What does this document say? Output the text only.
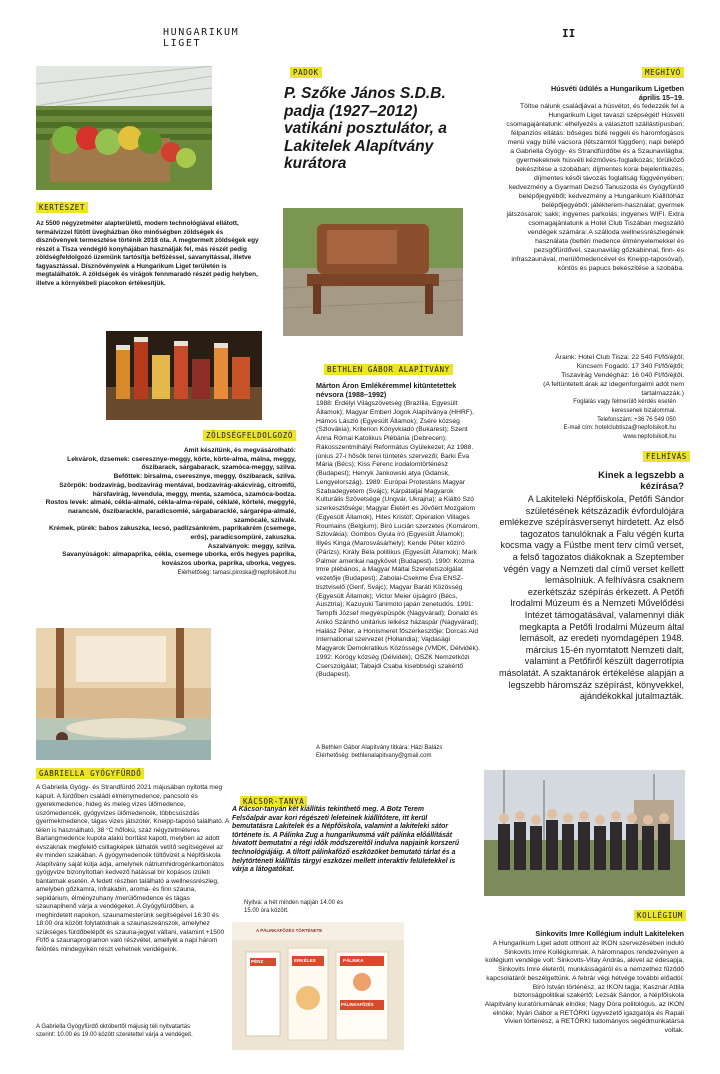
HUNGARIKUM
LIGET
II
KERTÉSZET

Az 5500 négyzetméter alapterületű, modern technológiával ellátott, termálvízzel fűtött üvegházban öko minőségben zöldségek és dísznövények termesztése történik 2018 óta. A megtermelt zöldségek egy részét a Tisza vendéglő konyhájában használják fel, más részét pedig zöldségfeldolgozó üzemünk tartósítja befőzéssel, savanyítással, illetve fagyasztással. Dísznövényeink a Hungarikum Liget területén is megtalálhatók. A zöldségek és virágok fennmaradó részét pedig helyben, illetve a környékbeli piacokon értékesítjük.

ZÖLDSÉGFELDOLGOZÓ
Amit készítünk, és megvásárolható:
Lekvárok, dzsemek: cseresznye-meggy, körte, körte-alma, málna, meggy, őszibarack, sárgabarack, szamóca-meggy, szilva.
Befőttek: birsalma, cseresznye, meggy, őszibarack, szilva.
Szörpök: bodzavirág, bodzavirág mentával, bodzavirág-akácvirág, citromfű, hársfavirág, levendula, meggy, menta, szamóca, szamóca-bodza.
Rostos levek: almalé, cékla-almalé, cékla-alma-répalé, céklalé, körtelé, meggylé, narancslé, őszibaracklé, paradicsomlé, sárgabaracklé, sárgarépa-almalé, szamócalé, szilvalé.
Krémek, pürék: babos zakuszka, lecsó, padlizsánkrém, paprikakrém (csemege, erős), paradicsompüré, zakuszka.
Aszalványok: meggy, szilva.
Savanyúságok: almapaprika, cékla, csemege uborka, erős hegyes paprika, kovászos uborka, paprika, uborka, vegyes.
Elérhetőség: tamasi.piroska@nepfolsikolt.hu
GABRIELLA GYÓGYFÜRDŐ

A Gabriella Gyógy- és Strandfürdő 2021 májusában nyitotta meg kapuit. A fürdőben családi élménymedence, pancsoló és gyerekmedence, hideg és meleg vizes ülőmedence, úszómedencék, gyógyvizes ülőmedencék, többcsúszdás gyermekmedence, tágas vizes játszótér, Kneipp-taposó található. A télen is használható, 38 °C hőfokú, száz négyzetméteres Barlangmedence kupola alakú borítást kapott, melyben az adott évszaknak megfelelő csillagképek láthatók vetítő segítségével az év minden szakában. A gyógymedencék töltővizét a Népfőiskola Alapítvány saját kútja adja, amelynek nátriumhidrogénkarbonátos gyógyvize bizonyítottan kedvező hatással bír kopásos ízületi bántalmak esetén. A fedett részben található a wellnessrészleg, amelyben gőzkamra, infrakabin, aroma- és finn szauna, sepidárium, élményzuhany /merülőmedence és tágas szaunapihenő várja a vendégeket. A Gyógyfürdőben, a meghirdetett napokon, szaunamesterünk segítségével 16:30 és 18:00 óra között folytatódnak a szaunaszeánszok, amelyhez szükséges fürdőbelépőt és szauna-jegyet váltani, valamint +1500 Ft/fő a szaunaprogramon való részvétel, amellyel a napi három felöntés mindegyikén részt vehetnek vendégeink.

A Gabriella Gyógyfürdő októbertől májusig téli nyitvatartás szerint: 10.00 és 19.00 között szeretettel várja a vendégeit.

PADOK
P. Szőke János S.D.B. padja (1927–2012) vatikáni posztulátor, a Lakitelek Alapítvány kurátora
BETHLEN GÁBOR ALAPÍTVÁNY
Márton Áron Emlékéremmel kitüntetettek névsora (1988–1992)

1988: Erdélyi Világszövetség (Brazília, Egyesült Államok); Magyar Emberi Jogok Alapítványa (HHRF), Hámos László (Egyesült Államok); Zsére község (Szlovákia); Kriterion Könyvkiadó (Bukarest); Szent Anna Római Katolikus Plébánia (Debrecen); Rákosszentmihályi Református Gyülekezet; Az 1988. június 27-i hősök terei tüntetés szervezői; Barki Éva Mária (Bécs); Kiss Ferenc irodalomtörténész (Budapest); Henryk Jankowski atya (Gdansk, Lengyelország). 1989: Európai Protestáns Magyar Szabadegyetem (Svájc); Kárpátaljai Magyarok Kulturális Szövetsége (Ungvár, Ukrajna); a Kiáltó Szó szerkesztősége; Magyar Életért és Jövőért Mozgalom (Egyesült Államok), Hites Kristóf; Operation Villages Roumains (Belgium); Biró Lucián szerzetes (Komárom, Szlovákia); Gombos Gyula író (Egyesült Államok); Illyés Kinga (Marosvásárhely); Kende Péter közíró (Párizs); Király Béla politikus (Egyesült Államok); Mark Palmer amerikai nagykövet (Budapest). 1990: Kozma Imre plébános, a Magyar Máltai Szeretetszolgálat vezetője (Budapest); Zabolai-Csekme Éva ENSZ-tisztviselő (Genf, Svájc); Magyar Baráti Közösség (Egyesült Államok); Victor Meier újságíró (Bécs, Ausztria); Kazuyuki Tanimoto japán zenetudós. 1991: Tempfli József megyéspüspök (Nagyvárad); Donald és Anikó Szánthó unitárius lelkész házaspár (Nagyvárad); Halász Péter, a Honismeret főszerkesztője; Dorcas Aid International szervezet (Hollandia); Vajdasági Magyarok Demokratikus Közössége (VMDK, Délvidék). 1992: Kórógy község (Délvidék); OSZK Nemzetközi Cserszolgálat; Tabajdi Csaba kisebbségi szakértő (Budapest).

A Bethlen Gábor Alapítvány titkára: Házi Balázs Elérhetőség: bethlenalapitvany@gmail.com

KÁCSOR-TANYA

A Kácsor-tanyán két kiállítás tekinthető meg. A Botz Terem Felsőalpár avar kori régészeti leleteinek kiállítótere, itt kerül bemutatásra Lakitelek és a Népfőiskola, valamint a lakiteleki sátor története is. A Pálinka Zug a hungarikummá vált pálinka előállítását hivatott bemutatni a régi idők módszereitől indulva napjaink korszerű technológiájáig. A tiltott pálinkafőző eszközöket bemutató tárlat és a helytörténeti kiállítás tárgyi eszközei mellett interaktív felületekkel is várja a látogatókat.

Nyitva: a hét minden napján 14.00 és 15.00 óra között.

A PÁLINKAFŐZÉS TÖRTÉNETE
PÉNZ	ERKÉLES	PÁLINKA
PÁLINKAFŐZÉS
MEGHÍVÓ
Húsvéti üdülés a Hungarikum Ligetben április 15–19.

Töltse nálunk családjával a húsvétot, és fedezzék fel a Hungarikum Liget tavaszi szépségét! Húsvéti csomagajánlatunk: elhelyezés a választott szállástípusban; félpanziós ellátás: bőséges büfé reggeli és háromfogásos menü vagy büfé vacsora (létszámtól függően); napi belépő a Gabriella Gyógy- és Strandfürdőbe és a Szaunavilágba; gyermekeknek húsvéti kézműves-foglalkozás; törülköző bekészítése a szobában; díjmentes korai bejelentkezés, díjmentes késői távozás foglaltság függvényében; kedvezmény a Gyarmati Dezső Tanuszoda és Gyógyfürdő belépőjegyéből; kedvezmény a Hungarikum Kiállítóház belépőjegyéből; játékterem-használat; gyermek játszósarok; sakk; ingyenes parkolás; ingyenes WIFI. Extra csomagajánlatunk a Hotel Club Tiszában megszálló vendégek számára: A szálloda wellnessrészlegének használata (beltéri medence élményelemekkel és pezsgőfürdővel, szaunavilág gőzkabinnal, finn- és infraszaunával, merülőmedencével és Kneipp-taposóval), köntös és papucs bekészítése a szobába.

Áraink: Hotel Club Tisza: 22 540 Ft/fő/éjtől;
Kincsem Fogadó: 17 340 Ft/fő/éjtől;
Tiszavirág Vendégház: 16 040 Ft/fő/éjtől.
(A feltüntetett árak az idegenforgalmi adót nem tartalmazzák.)
Foglalás vagy felmerülő kérdés esetén
keressenek bizalommal.
Telefonszám: +36 76 549 050
E-mail cím: hotelclubtisza@nepfolsikolt.hu
www.nepfolsikolt.hu
FELHÍVÁS
Kinek a legszebb a kézírása?

A Lakiteleki Népfőiskola, Petőfi Sándor születésének kétszázadik évfordulójára emlékezve szépírásversenyt hirdetett. Az első tagozatos tanulóknak a Falu végén kurta kocsma vagy a Füstbe ment terv című verset, a felső tagozatos diákoknak a Szeptember végén vagy a Nemzeti dal című verset kellett lemásolniuk. A felhívásra csaknem ezerkétszáz szépírás érkezett. A Petőfi Irodalmi Múzeum és a Nemzeti Művelődési Intézet támogatásával, valamennyi diák megkapta a Petőfi Irodalmi Múzeum által lemásolt, az eredeti nyomdagépen 1948. március 15-én nyomtatott Nemzeti dalt, valamint a Petőfiről készült dagerrotípia másolatát. A szaktanárok értékelése alapján a legszebb háromszáz szépírást, könyvekkel, ajándékokkal jutalmazták.

KOLLÉGIUM
Sinkovits Imre Kollégium indult Lakiteleken

A Hungarikum Liget adott otthont az IKON szervezésében induló Sinkovits Imre Kollégiumnak. A háromnapos rendezvényen a kollégium vendége volt: Sinkovits-Vitay András, akivel az édesapja, Sinkovits Imre életéről, munkásságáról és a nemzethez fűződő kapcsolatáról beszélgettünk. A febrár végi hétvége további előadói: Bíró István történész, az IKON tagja; Kasznár Attila biztonságpolitikai szakértő; Lezsák Sándor, a Népfőiskola Alapítvány kuratóriumának elnöke; Nagy Dóra politológus, az IKON elnöke; Nyári Gábor a RETÖRKI ügyvezető igazgatója és Rapali Vivien történész, a RETÖRKI tudományos segédmunkatársa voltak.
